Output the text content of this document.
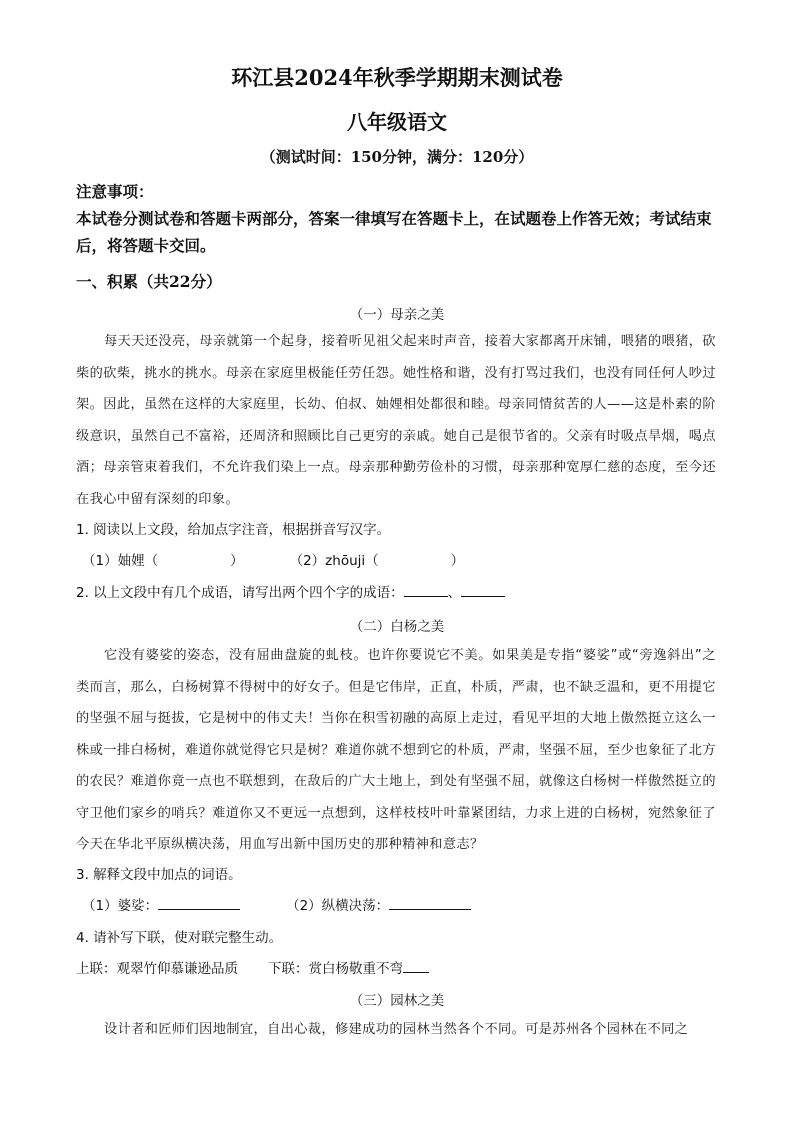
环江县2024年秋季学期期末测试卷
八年级语文
（测试时间：150分钟，满分：120分）
注意事项：
本试卷分测试卷和答题卡两部分，答案一律填写在答题卡上，在试题卷上作答无效；考试结束后，将答题卡交回。
一、积累（共22分）
（一）母亲之美
每天天还没亮，母亲就第一个起身，接着听见祖父起来时声音，接着大家都离开床铺，喂猪的喂猪，砍柴的砍柴，挑水的挑水。母亲在家庭里极能任劳任怨。她性格和谐，没有打骂过我们，也没有同任何人吵过架。因此，虽然在这样的大家庭里，长幼、伯叔、妯娌相处都很和睦。母亲同情贫苦的人——这是朴素的阶级意识，虽然自己不富裕，还周济和照顾比自己更穷的亲戚。她自己是很节省的。父亲有时吸点旱烟，喝点酒；母亲管束着我们，不允许我们染上一点。母亲那种勤劳俭朴的习惯，母亲那种宽厚仁慈的态度，至今还在我心中留有深刻的印象。
1. 阅读以上文段，给加点字注音，根据拼音写汉字。
（1）妯娌（	）	（2）zhōuji（	）
2. 以上文段中有几个成语，请写出两个四个字的成语：	、
（二）白杨之美
它没有婆娑的姿态，没有屈曲盘旋的虬枝。也许你要说它不美。如果美是专指“婆娑”或“旁逸斜出”之类而言，那么，白杨树算不得树中的好女子。但是它伟岸，正直，朴质，严肃，也不缺乏温和，更不用提它的坚强不屈与挺拔，它是树中的伟丈夫！当你在积雪初融的高原上走过，看见平坦的大地上傲然挺立这么一株或一排白杨树，难道你就觉得它只是树？难道你就不想到它的朴质，严肃，坚强不屈，至少也象征了北方的农民？难道你竟一点也不联想到，在敌后的广大土地上，到处有坚强不屈，就像这白杨树一样傲然挺立的守卫他们家乡的哨兵？难道你又不更远一点想到，这样枝枝叶叶靠紧团结，力求上进的白杨树，宛然象征了今天在华北平原纵横决荡，用血写出新中国历史的那种精神和意志？
3. 解释文段中加点的词语。
（1）婆娑：	（2）纵横决荡：
4. 请补写下联，使对联完整生动。
上联：观翠竹仰慕谦逊品质 下联：赏白杨敬重不弯
（三）园林之美
设计者和匠师们因地制宜，自出心裁，修建成功的园林当然各个不同。可是苏州各个园林在不同之
